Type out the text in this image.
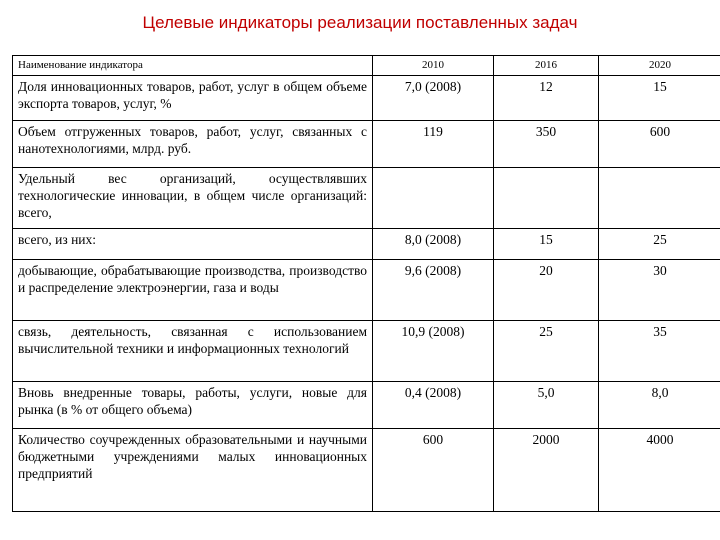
Целевые индикаторы реализации поставленных задач
Наименование индикатора	2010	2016	2020
Доля инновационных товаров, работ, услуг в общем объеме экспорта товаров, услуг, %	7,0 (2008)	12	15
Объем отгруженных товаров, работ, услуг, связанных с нанотехнологиями, млрд. руб.	119	350	600
Удельный вес организаций, осуществлявших технологические инновации, в общем числе организаций: всего,			
всего, из них:	8,0 (2008)	15	25
добывающие, обрабатывающие производства, производство и распределение электроэнергии, газа и воды	9,6 (2008)	20	30
связь, деятельность, связанная с использованием вычислительной техники и информационных технологий	10,9 (2008)	25	35
Вновь внедренные товары, работы, услуги, новые для рынка (в % от общего объема)	0,4 (2008)	5,0	8,0
Количество соучрежденных образовательными и научными бюджетными учреждениями малых инновационных предприятий	600	2000	4000
